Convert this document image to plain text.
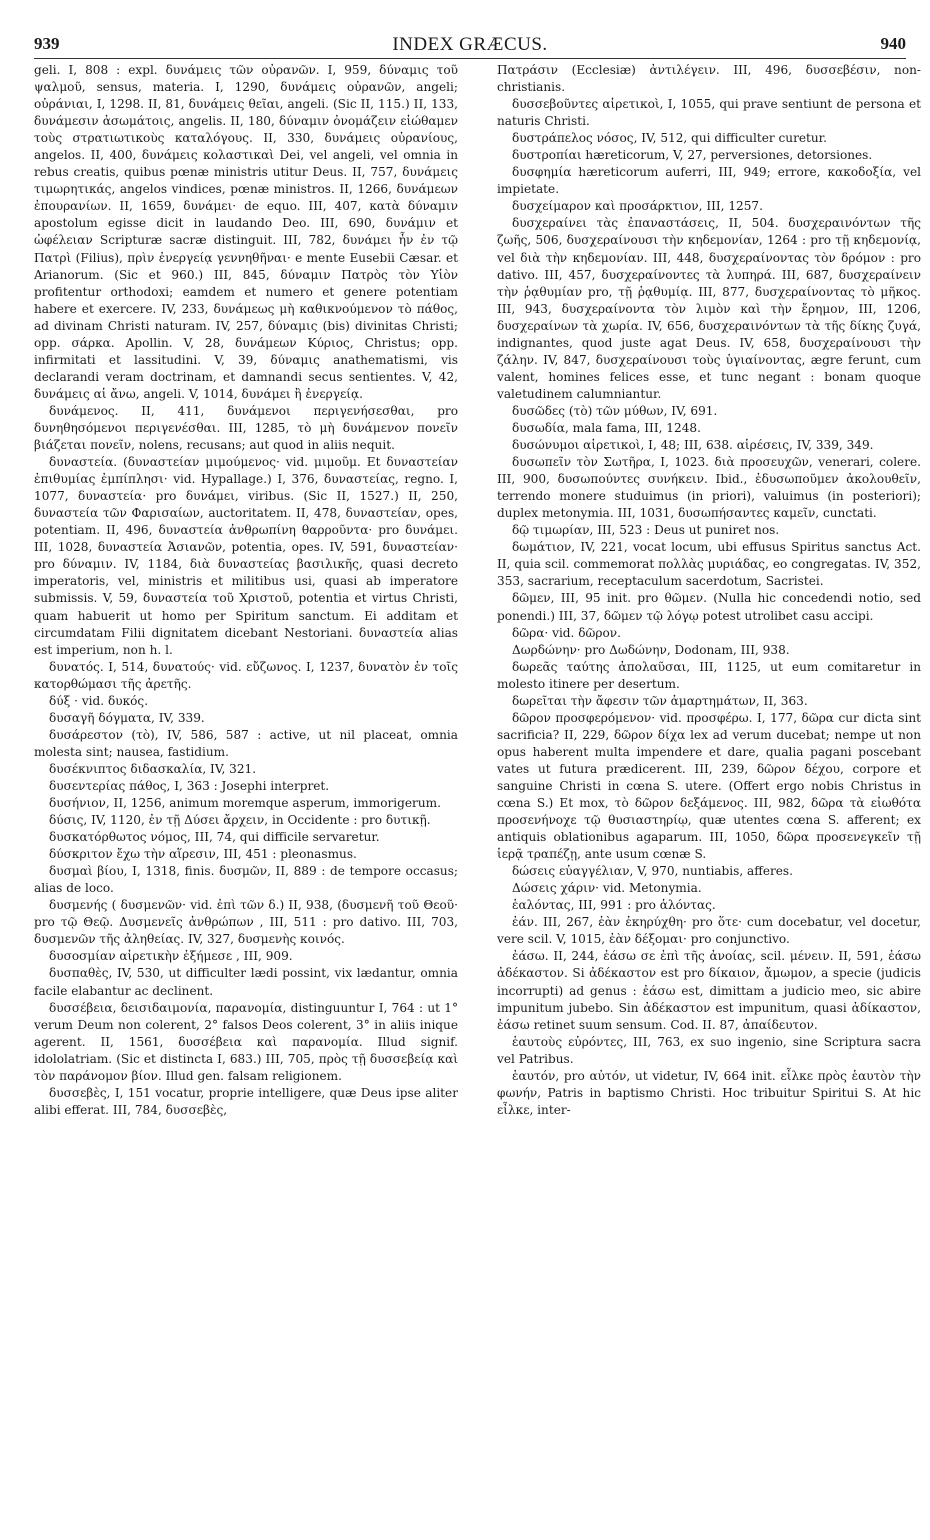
939	INDEX GRÆCUS.	940

geli. I, 808 : expl. δυνάμεις τῶν οὐρανῶν. I, 959, δύναμις τοῦ ψαλμοῦ, sensus, materia. I, 1290, δυνάμεις οὐρανῶν, angeli; οὐράνιαι, I, 1298. II, 81, δυνάμεις θεῖαι, angeli. (Sic II, 115.) II, 133, δυνάμεσιν ἀσωμάτοις, angelis. II, 180, δύναμιν ὀνομάζειν εἰώθαμεν τοὺς στρατιωτικοὺς καταλόγους. II, 330, δυνάμεις οὐρανίους, angelos. II, 400, δυνάμεις κολαστικαὶ Dei, vel angeli, vel omnia in rebus creatis, quibus pœnæ ministris utitur Deus. II, 757, δυνάμεις τιμωρητικάς, angelos vindices, pœnæ ministros. II, 1266, δυνάμεων ἐπουρανίων. II, 1659, δυνάμει· de equo. III, 407, κατὰ δύναμιν apostolum egisse dicit in laudando Deo. III, 690, δυνάμιν et ὠφέλειαν Scripturæ sacræ distinguit. III, 782, δυνάμει ἦν ἐν τῷ Πατρὶ (Filius), πρὶν ἐνεργείᾳ γεννηθῆναι· e mente Eusebii Cæsar. et Arianorum. (Sic et 960.) III, 845, δύναμιν Πατρὸς τὸν Υἱὸν profitentur orthodoxi; eamdem et numero et genere potentiam habere et exercere. IV, 233, δυνάμεως μὴ καθικνούμενον τὸ πάθος, ad divinam Christi naturam. IV, 257, δύναμις (bis) divinitas Christi; opp. σάρκα. Apollin. V, 28, δυνάμεων Κύριος, Christus; opp. infirmitati et lassitudini. V, 39, δύναμις anathematismi, vis declarandi veram doctrinam, et damnandi secus sentientes. V, 42, δυνάμεις αἱ ἄνω, angeli. V, 1014, δυνάμει ἢ ἐνεργείᾳ.

δυνάμενος. II, 411, δυνάμενοι περιγενήσεσθαι, pro δυνηθησόμενοι περιγενέσθαι. III, 1285, τὸ μὴ δυνάμενον πονεῖν βιάζεται πονεῖν, nolens, recusans; aut quod in aliis nequit.

δυναστεία. (δυναστείαν μιμούμενος· vid. μιμοῦμ. Et δυναστείαν ἐπιθυμίας ἐμπίπλησι· vid. Hypallage.) I, 376, δυναστείας, regno. I, 1077, δυναστεία· pro δυνάμει, viribus. (Sic II, 1527.) II, 250, δυναστεία τῶν Φαρισαίων, auctoritatem. II, 478, δυναστείαν, opes, potentiam. II, 496, δυναστεία ἀνθρωπίνη θαρροῦντα· pro δυνάμει. III, 1028, δυναστεία Ἀσιανῶν, potentia, opes. IV, 591, δυναστείαν· pro δύναμιν. IV, 1184, διὰ δυναστείας βασιλικῆς, quasi decreto imperatoris, vel, ministris et militibus usi, quasi ab imperatore submissis. V, 59, δυναστεία τοῦ Χριστοῦ, potentia et virtus Christi, quam habuerit ut homo per Spiritum sanctum. Ei additam et circumdatam Filii dignitatem dicebant Nestoriani. δυναστεία alias est imperium, non h. l.

δυνατός. I, 514, δυνατούς· vid. εὔζωνος. I, 1237, δυνατὸν ἐν τοῖς κατορθώμασι τῆς ἀρετῆς.

δύξ · vid. δυκός.

δυσαγῆ δόγματα, IV, 339.

δυσάρεστον (τὸ), IV, 586, 587 : active, ut nil placeat, omnia molesta sint; nausea, fastidium.

δυσέκνιπτος διδασκαλία, IV, 321.

δυσεντερίας πάθος, I, 363 : Josephi interpret.

δυσήνιον, II, 1256, animum moremque asperum, immorigerum.

δύσις, IV, 1120, ἐν τῇ Δύσει ἄρχειν, in Occidente : pro δυτικῇ.

δυσκατόρθωτος νόμος, III, 74, qui difficile servaretur.

δύσκριτον ἔχω τὴν αἵρεσιν, III, 451 : pleonasmus.

δυσμαὶ βίου, I, 1318, finis. δυσμῶν, II, 889 : de tempore occasus; alias de loco.

δυσμενής ( δυσμενῶν· vid. ἐπὶ τῶν δ.) II, 938, (δυσμενῆ τοῦ Θεοῦ· pro τῷ Θεῷ. Δυσμενεῖς ἀνθρώπων , III, 511 : pro dativo. III, 703, δυσμενῶν τῆς ἀληθείας. IV, 327, δυσμενὴς κοινός.

δυσοσμίαν αἱρετικὴν ἐξήμεσε , III, 909.

δυσπαθὲς, IV, 530, ut difficulter lædi possint, vix lædantur, omnia facile elabantur ac declinent.

δυσσέβεια, δεισιδαιμονία, παρανομία, distinguuntur I, 764 : ut 1° verum Deum non colerent, 2° falsos Deos colerent, 3° in aliis inique agerent. II, 1561, δυσσέβεια καὶ παρανομία. Illud signif. idololatriam. (Sic et distincta I, 683.) III, 705, πρὸς τῇ δυσσεβείᾳ καὶ τὸν παράνομον βίον. Illud gen. falsam religionem.

δυσσεβὲς, I, 151 vocatur, proprie intelligere, quæ Deus ipse aliter alibi efferat. III, 784, δυσσεβὲς,

Πατράσιν (Ecclesiæ) ἀντιλέγειν. III, 496, δυσσεβέσιν, non-christianis.

δυσσεβοῦντες αἱρετικοὶ, I, 1055, qui prave sentiunt de persona et naturis Christi.

δυστράπελος νόσος, IV, 512, qui difficulter curetur.

δυστροπίαι hæreticorum, V, 27, perversiones, detorsiones.

δυσφημία hæreticorum auferri, III, 949; errore, κακοδοξία, vel impietate.

δυσχείμαρον καὶ προσάρκτιον, III, 1257.

δυσχεραίνει τὰς ἐπαναστάσεις, II, 504. δυσχεραινόντων τῆς ζωῆς, 506, δυσχεραίνουσι τὴν κηδεμονίαν, 1264 : pro τῇ κηδεμονίᾳ, vel διὰ τὴν κηδεμονίαν. III, 448, δυσχεραίνοντας τὸν δρόμον : pro dativo. III, 457, δυσχεραίνοντες τὰ λυπηρά. III, 687, δυσχεραίνειν τὴν ῥᾳθυμίαν pro, τῇ ῥᾳθυμίᾳ. III, 877, δυσχεραίνοντας τὸ μῆκος. III, 943, δυσχεραίνοντα τὸν λιμὸν καὶ τὴν ἔρημον, III, 1206, δυσχεραίνων τὰ χωρία. IV, 656, δυσχεραινόντων τὰ τῆς δίκης ζυγά, indignantes, quod juste agat Deus. IV, 658, δυσχεραίνουσι τὴν ζάλην. IV, 847, δυσχεραίνουσι τοὺς ὑγιαίνοντας, ægre ferunt, cum valent, homines felices esse, et tunc negant : bonam quoque valetudinem calumniantur.

δυσῶδες (τὸ) τῶν μύθων, IV, 691.

δυσωδία, mala fama, III, 1248.

δυσώνυμοι αἱρετικοὶ, I, 48; III, 638. αἱρέσεις, IV, 339, 349.

δυσωπεῖν τὸν Σωτῆρα, I, 1023. διὰ προσευχῶν, venerari, colere. III, 900, δυσωπούντες συνήκειν. Ibid., ἐδυσωποῦμεν ἀκολουθεῖν, terrendo monere studuimus (in priori), valuimus (in posteriori); duplex metonymia. III, 1031, δυσωπήσαντες καμεῖν, cunctati.

δῷ τιμωρίαν, III, 523 : Deus ut puniret nos.

δωμάτιον, IV, 221, vocat locum, ubi effusus Spiritus sanctus Act. II, quia scil. commemorat πολλὰς μυριάδας, eo congregatas. IV, 352, 353, sacrarium, receptaculum sacerdotum, Sacristei.

δῶμεν, III, 95 init. pro θῶμεν. (Nulla hic concedendi notio, sed ponendi.) III, 37, δῶμεν τῷ λόγῳ potest utrolibet casu accipi.

δῶρα· vid. δῶρον.

Δωρδώνην· pro Δωδώνην, Dodonam, III, 938.

δωρεᾶς ταύτης ἀπολαῦσαι, III, 1125, ut eum comitaretur in molesto itinere per desertum.

δωρεῖται τὴν ἄφεσιν τῶν ἁμαρτημάτων, II, 363.

δῶρον προσφερόμενον· vid. προσφέρω. I, 177, δῶρα cur dicta sint sacrificia? II, 229, δῶρον δίχα lex ad verum ducebat; nempe ut non opus haberent multa impendere et dare, qualia pagani poscebant vates ut futura prædicerent. III, 239, δῶρον δέχου, corpore et sanguine Christi in cœna S. utere. (Offert ergo nobis Christus in cœna S.) Et mox, τὸ δῶρον δεξάμενος. III, 982, δῶρα τὰ εἰωθότα προσενήνοχε τῷ θυσιαστηρίῳ, quæ utentes cœna S. afferent; ex antiquis oblationibus agaparum. III, 1050, δῶρα προσενεγκεῖν τῇ ἱερᾷ τραπέζῃ, ante usum cœnæ S.

δώσεις εὐαγγέλιαν, V, 970, nuntiabis, afferes.

Δώσεις χάριν· vid. Metonymia.

ἑαλόντας, III, 991 : pro ἁλόντας.

ἐάν. III, 267, ἐὰν ἐκηρύχθη· pro ὅτε· cum docebatur, vel docetur, vere scil. V, 1015, ἐὰν δέξομαι· pro conjunctivo.

ἐάσω. II, 244, ἐάσω σε ἐπὶ τῆς ἀνοίας, scil. μένειν. II, 591, ἐάσω ἀδέκαστον. Si ἀδέκαστον est pro δίκαιον, ἄμωμον, a specie (judicis incorrupti) ad genus : ἐάσω est, dimittam a judicio meo, sic abire impunitum jubebo. Sin ἀδέκαστον est impunitum, quasi ἀδίκαστον, ἐάσω retinet suum sensum. Cod. II. 87, ἀπαίδευτον.

ἑαυτοὺς εὑρόντες, III, 763, ex suo ingenio, sine Scriptura sacra vel Patribus.

ἑαυτόν, pro αὐτόν, ut videtur, IV, 664 init. εἶλκε πρὸς ἑαυτὸν τὴν φωνήν, Patris in baptismo Christi. Hoc tribuitur Spiritui S. At hic εἶλκε, inter-
